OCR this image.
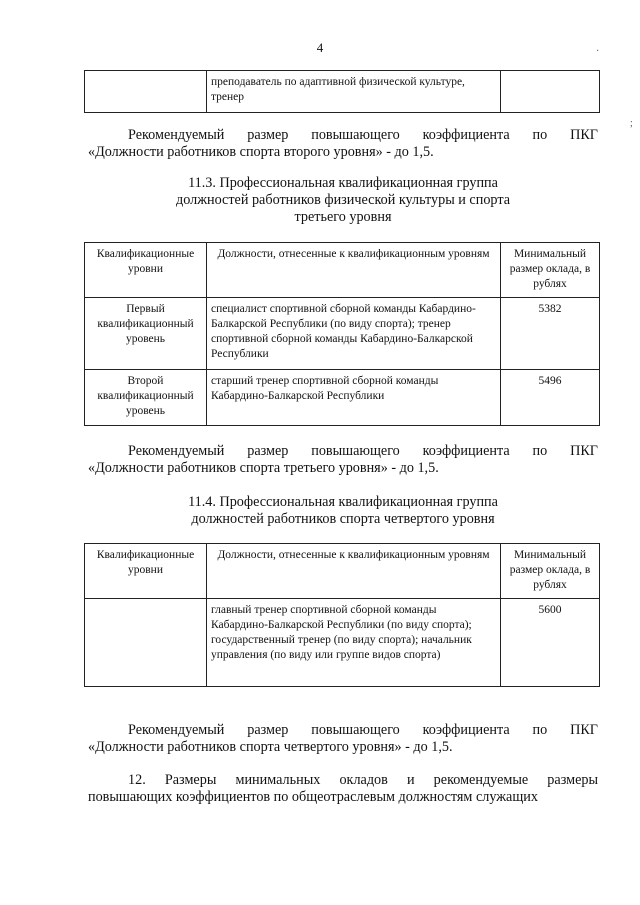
4	·
;
	преподаватель по адаптивной физической культуре, тренер	
Рекомендуемый размер повышающего коэффициента по ПКГ
«Должности работников спорта второго уровня» - до 1,5.
11.3. Профессиональная квалификационная группа
должностей работников физической культуры и спорта
третьего уровня
Квалификационные уровни	Должности, отнесенные к квалификационным уровням	Минимальный размер оклада, в рублях
Первый квалификационный уровень	специалист спортивной сборной команды Кабардино-Балкарской Республики (по виду спорта); тренер спортивной сборной команды Кабардино-Балкарской Республики	5382
Второй квалификационный уровень	старший тренер спортивной сборной команды Кабардино-Балкарской Республики	5496
Рекомендуемый размер повышающего коэффициента по ПКГ
«Должности работников спорта третьего уровня» - до 1,5.
11.4. Профессиональная квалификационная группа
должностей работников спорта четвертого уровня
Квалификационные уровни	Должности, отнесенные к квалификационным уровням	Минимальный размер оклада, в рублях
	главный тренер спортивной сборной команды Кабардино-Балкарской Республики (по виду спорта); государственный тренер (по виду спорта); начальник управления (по виду или группе видов спорта)	5600
Рекомендуемый размер повышающего коэффициента по ПКГ
«Должности работников спорта четвертого уровня» - до 1,5.
12. Размеры минимальных окладов и рекомендуемые размеры
повышающих коэффициентов по общеотраслевым должностям служащих
